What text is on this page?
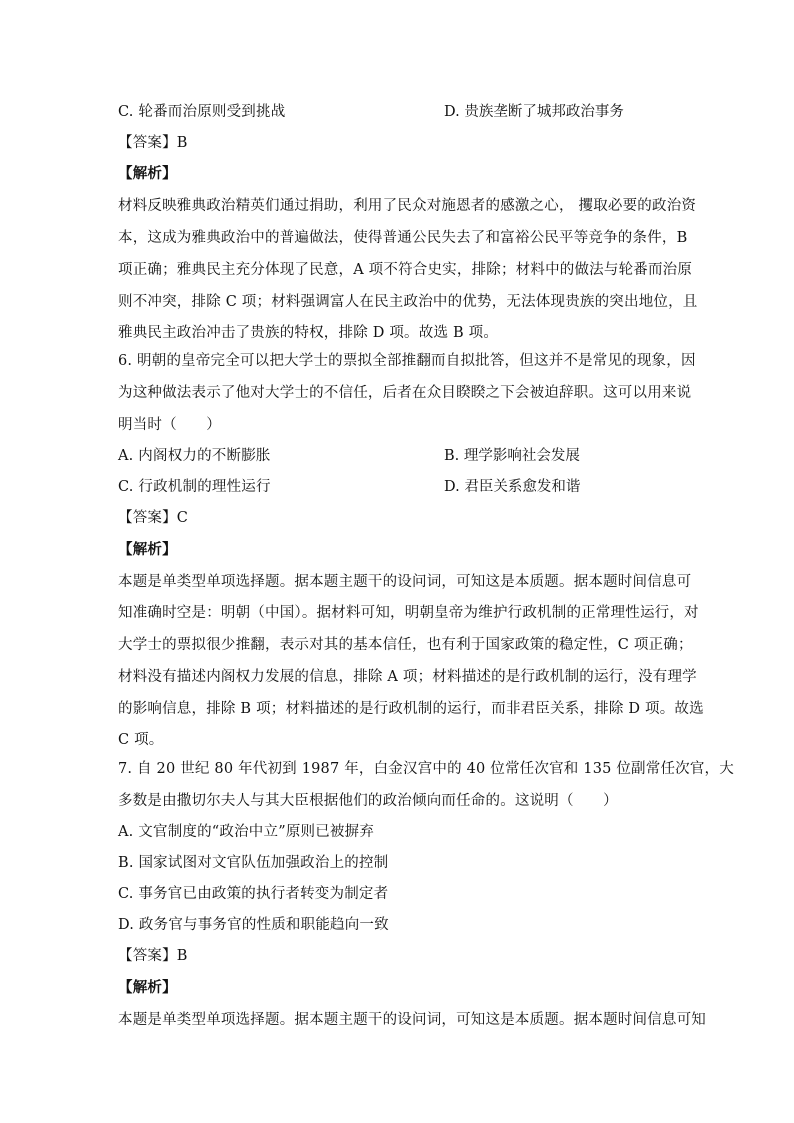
C. 轮番而治原则受到挑战	D. 贵族垄断了城邦政治事务
【答案】B
【解析】
材料反映雅典政治精英们通过捐助，利用了民众对施恩者的感激之心， 攫取必要的政治资
本，这成为雅典政治中的普遍做法，使得普通公民失去了和富裕公民平等竞争的条件，B
项正确；雅典民主充分体现了民意，A 项不符合史实，排除；材料中的做法与轮番而治原
则不冲突，排除 C 项；材料强调富人在民主政治中的优势，无法体现贵族的突出地位，且
雅典民主政治冲击了贵族的特权，排除 D 项。故选 B 项。
6. 明朝的皇帝完全可以把大学士的票拟全部推翻而自拟批答，但这并不是常见的现象，因
为这种做法表示了他对大学士的不信任，后者在众目睽睽之下会被迫辞职。这可以用来说
明当时（　　）
A. 内阁权力的不断膨胀	B. 理学影响社会发展
C. 行政机制的理性运行	D. 君臣关系愈发和谐
【答案】C
【解析】
本题是单类型单项选择题。据本题主题干的设问词，可知这是本质题。据本题时间信息可
知准确时空是：明朝（中国）。据材料可知，明朝皇帝为维护行政机制的正常理性运行，对
大学士的票拟很少推翻，表示对其的基本信任，也有利于国家政策的稳定性，C 项正确；
材料没有描述内阁权力发展的信息，排除 A 项；材料描述的是行政机制的运行，没有理学
的影响信息，排除 B 项；材料描述的是行政机制的运行，而非君臣关系，排除 D 项。故选
C 项。
7. 自 20 世纪 80 年代初到 1987 年，白金汉宫中的 40 位常任次官和 135 位副常任次官，大
多数是由撒切尔夫人与其大臣根据他们的政治倾向而任命的。这说明（　　）
A. 文官制度的“政治中立”原则已被摒弃
B. 国家试图对文官队伍加强政治上的控制
C. 事务官已由政策的执行者转变为制定者
D. 政务官与事务官的性质和职能趋向一致
【答案】B
【解析】
本题是单类型单项选择题。据本题主题干的设问词，可知这是本质题。据本题时间信息可知
